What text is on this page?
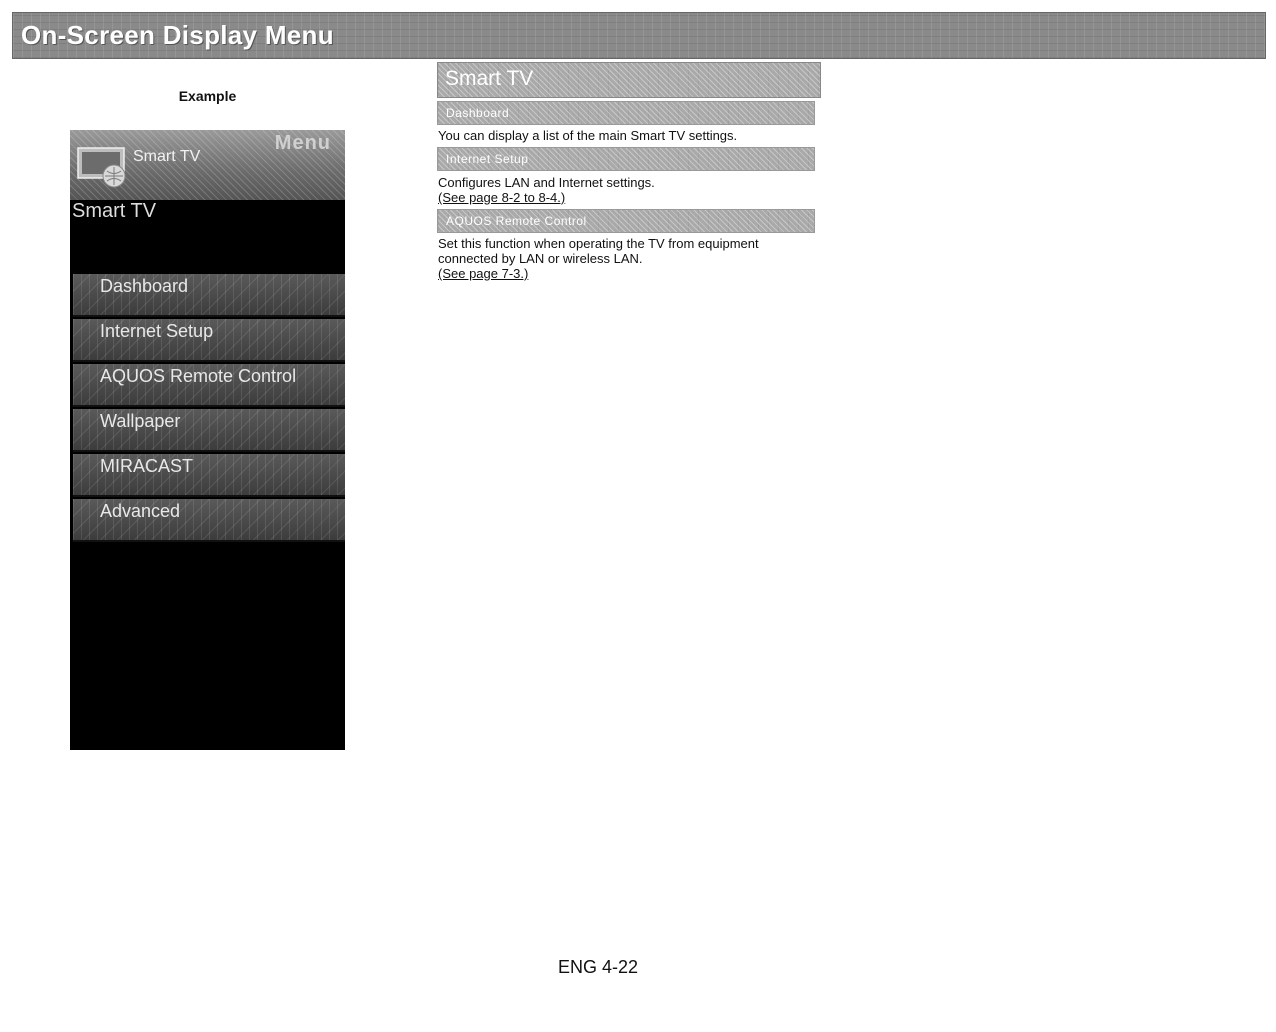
On-Screen Display Menu
Example
Smart TV
Menu
Smart TV
Dashboard
Internet Setup
AQUOS Remote Control
Wallpaper
MIRACAST
Advanced
Smart TV
Dashboard
You can display a list of the main Smart TV settings.
Internet Setup
Configures LAN and Internet settings.
(See page 8-2 to 8-4.)
AQUOS Remote Control
Set this function when operating the TV from equipment connected by LAN or wireless LAN.
(See page 7-3.)
ENG 4-22
